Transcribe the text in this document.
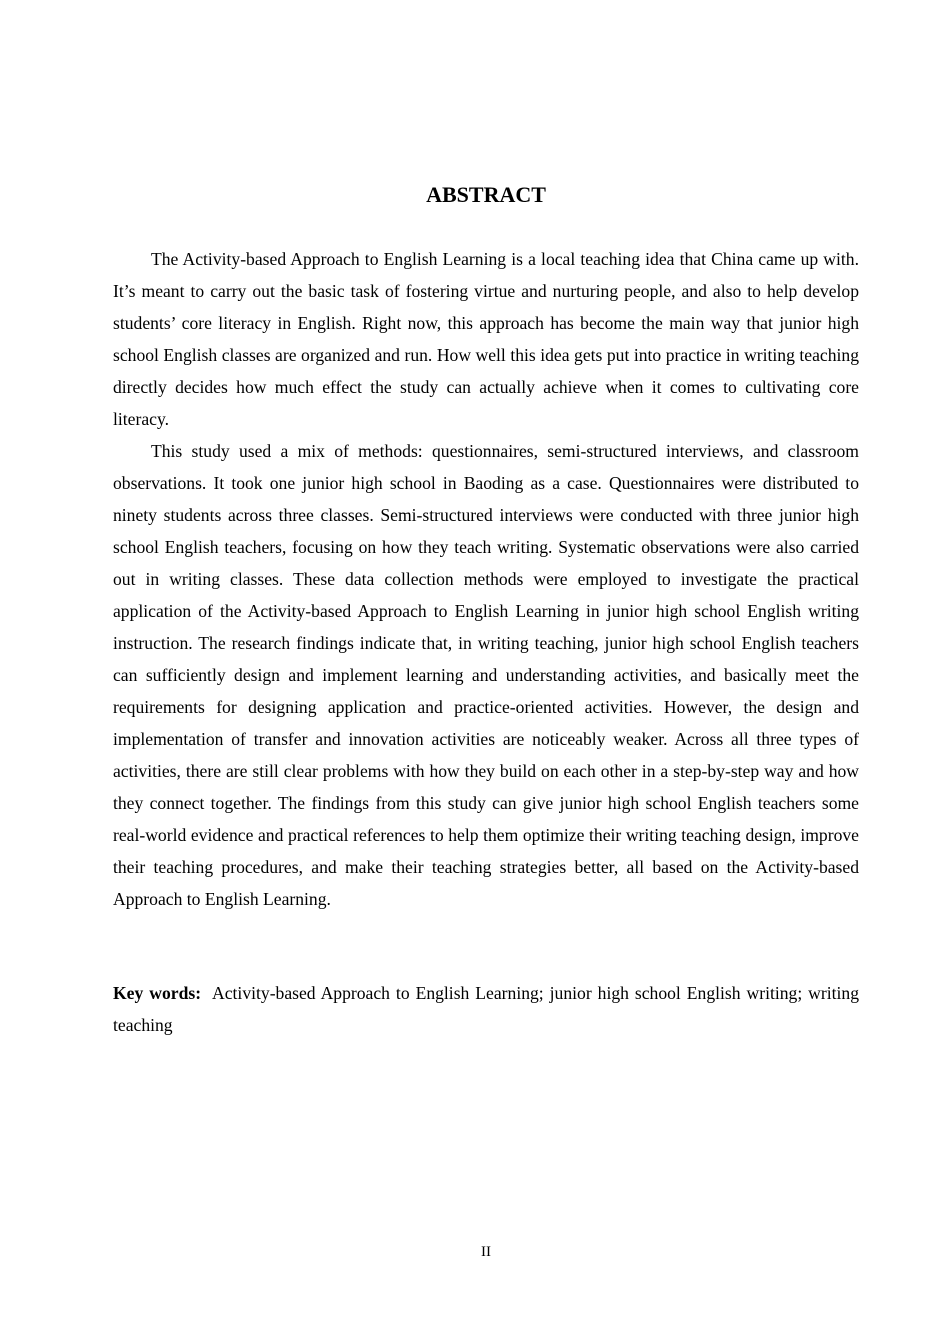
ABSTRACT

The Activity-based Approach to English Learning is a local teaching idea that China came up with. It’s meant to carry out the basic task of fostering virtue and nurturing people, and also to help develop students’ core literacy in English. Right now, this approach has become the main way that junior high school English classes are organized and run. How well this idea gets put into practice in writing teaching directly decides how much effect the study can actually achieve when it comes to cultivating core literacy.

This study used a mix of methods: questionnaires, semi-structured interviews, and classroom observations. It took one junior high school in Baoding as a case. Questionnaires were distributed to ninety students across three classes. Semi-structured interviews were conducted with three junior high school English teachers, focusing on how they teach writing. Systematic observations were also carried out in writing classes. These data collection methods were employed to investigate the practical application of the Activity-based Approach to English Learning in junior high school English writing instruction. The research findings indicate that, in writing teaching, junior high school English teachers can sufficiently design and implement learning and understanding activities, and basically meet the requirements for designing application and practice-oriented activities. However, the design and implementation of transfer and innovation activities are noticeably weaker. Across all three types of activities, there are still clear problems with how they build on each other in a step-by-step way and how they connect together. The findings from this study can give junior high school English teachers some real-world evidence and practical references to help them optimize their writing teaching design, improve their teaching procedures, and make their teaching strategies better, all based on the Activity-based Approach to English Learning.

Key words: Activity-based Approach to English Learning; junior high school English writing; writing teaching

II
